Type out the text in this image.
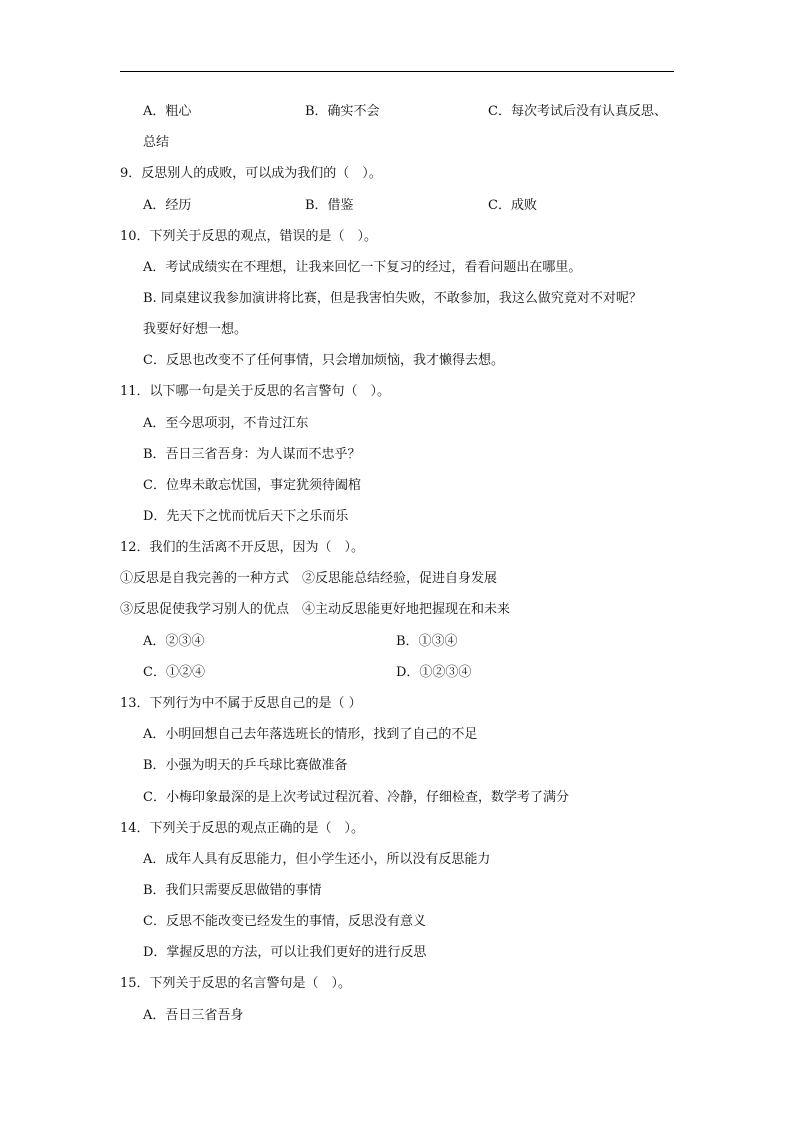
A．粗心	B．确实不会	C．每次考试后没有认真反思、
总结
9．反思别人的成败，可以成为我们的（　）。
A．经历	B．借鉴	C．成败
10．下列关于反思的观点，错误的是（　）。
A．考试成绩实在不理想，让我来回忆一下复习的经过，看看问题出在哪里。
B. 同桌建议我参加演讲将比赛，但是我害怕失败，不敢参加，我这么做究竟对不对呢？
我要好好想一想。
C．反思也改变不了任何事情，只会增加烦恼，我才懒得去想。
11．以下哪一句是关于反思的名言警句（　）。
A．至今思项羽，不肯过江东
B．吾日三省吾身：为人谋而不忠乎？
C．位卑未敢忘忧国，事定犹须待阖棺
D．先天下之忧而忧后天下之乐而乐
12．我们的生活离不开反思，因为（　）。
①反思是自我完善的一种方式　②反思能总结经验，促进自身发展
③反思促使我学习别人的优点　④主动反思能更好地把握现在和未来
A．②③④	B．①③④
C．①②④	D．①②③④
13．下列行为中不属于反思自己的是（ ）
A．小明回想自己去年落选班长的情形，找到了自己的不足
B．小强为明天的乒乓球比赛做准备
C．小梅印象最深的是上次考试过程沉着、冷静，仔细检查，数学考了满分
14．下列关于反思的观点正确的是（　）。
A．成年人具有反思能力，但小学生还小，所以没有反思能力
B．我们只需要反思做错的事情
C．反思不能改变已经发生的事情，反思没有意义
D．掌握反思的方法，可以让我们更好的进行反思
15．下列关于反思的名言警句是（　）。
A．吾日三省吾身
